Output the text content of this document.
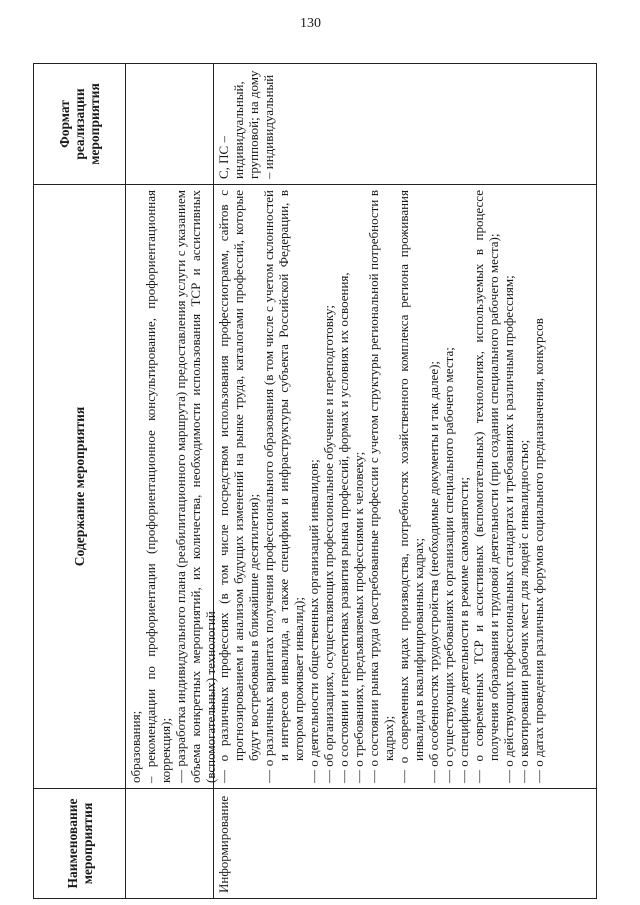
130
Наименование мероприятия
Содержание мероприятия
Формат реализации мероприятия
образования; – рекомендации по профориентации (профориентационное консультирование, профориентационная коррекция); — разработка индивидуального плана (реабилитационного маршрута) предоставления услуги с указанием объема конкретных мероприятий, их количества, необходимости использования ТСР и ассистивных (вспомогательных) технологий
Информирование
— о различных профессиях (в том числе посредством использования профессиограмм, сайтов с прогнозированием и анализом будущих изменений на рынке труда, каталогами профессий, которые будут востребованы в ближайшие десятилетия); — о различных вариантах получения профессионального образования (в том числе с учетом склонностей и интересов инвалида, а также специфики и инфраструктуры субъекта Российской Федерации, в котором проживает инвалид); — о деятельности общественных организаций инвалидов; — об организациях, осуществляющих профессиональное обучение и переподготовку; — о состоянии и перспективах развития рынка профессий, формах и условиях их освоения, — о требованиях, предъявляемых профессиями к человеку; — о состоянии рынка труда (востребованные профессии с учетом структуры региональной потребности в кадрах); — о современных видах производства, потребностях хозяйственного комплекса региона проживания инвалида в квалифицированных кадрах; — об особенностях трудоустройства (необходимые документы и так далее); — о существующих требованиях к организации специального рабочего места; — о специфике деятельности в режиме самозанятости; — о современных ТСР и ассистивных (вспомогательных) технологиях, используемых в процессе получения образования и трудовой деятельности (при создании специального рабочего места); — о действующих профессиональных стандартах и требованиях к различным профессиям; — о квотировании рабочих мест для людей с инвалидностью; — о датах проведения различных форумов социального предназначения, конкурсов
С, ПС – индивидуальный, групповой; на дому – индивидуальный
